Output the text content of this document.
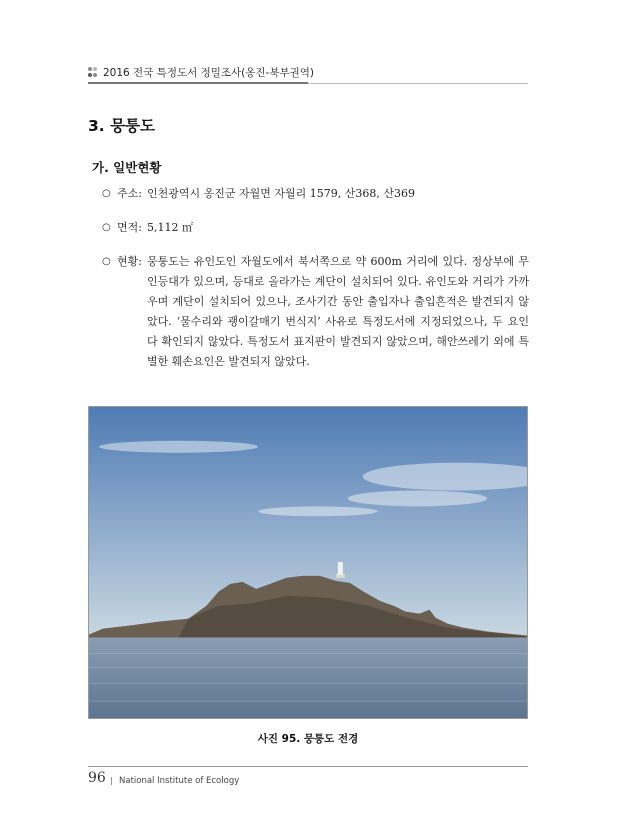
2016 전국 특정도서 정밀조사(옹진-북부권역)
3. 뭉퉁도
가. 일반현황
○ 주소: 인천광역시 옹진군 자월면 자월리 1579, 산368, 산369
○ 면적: 5,112 ㎡
○ 현황: 뭉퉁도는 유인도인 자월도에서 북서쪽으로 약 600m 거리에 있다. 정상부에 무인등대가 있으며, 등대로 올라가는 계단이 설치되어 있다. 유인도와 거리가 가까우며 계단이 설치되어 있으나, 조사기간 동안 출입자나 출입흔적은 발견되지 않았다. ‘물수리와 괭이갈매기 번식지’ 사유로 특정도서에 지정되었으나, 두 요인 다 확인되지 않았다. 특정도서 표지판이 발견되지 않았으며, 해안쓰레기 외에 특별한 훼손요인은 발견되지 않았다.

사진 95. 뭉퉁도 전경
96 | National Institute of Ecology
